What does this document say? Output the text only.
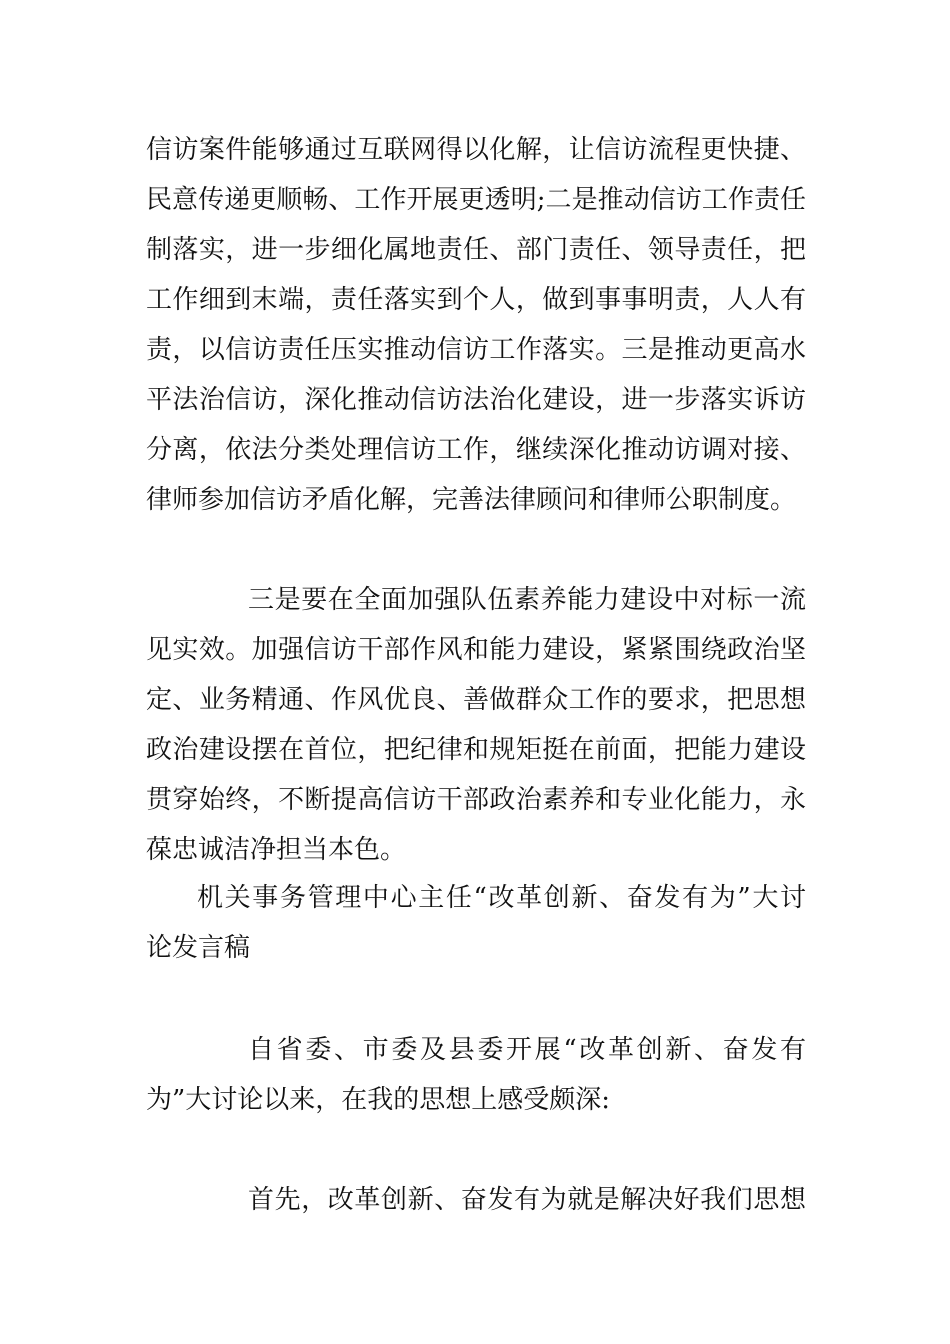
信访案件能够通过互联网得以化解，让信访流程更快捷、
民意传递更顺畅、工作开展更透明;二是推动信访工作责任
制落实，进一步细化属地责任、部门责任、领导责任，把
工作细到末端，责任落实到个人，做到事事明责，人人有
责，以信访责任压实推动信访工作落实。三是推动更高水
平法治信访，深化推动信访法治化建设，进一步落实诉访
分离，依法分类处理信访工作，继续深化推动访调对接、
律师参加信访矛盾化解，完善法律顾问和律师公职制度。
三是要在全面加强队伍素养能力建设中对标一流
见实效。加强信访干部作风和能力建设，紧紧围绕政治坚
定、业务精通、作风优良、善做群众工作的要求，把思想
政治建设摆在首位，把纪律和规矩挺在前面，把能力建设
贯穿始终，不断提高信访干部政治素养和专业化能力，永
葆忠诚洁净担当本色。
机关事务管理中心主任“改革创新、奋发有为”大讨
论发言稿
自省委、市委及县委开展“改革创新、奋发有
为”大讨论以来，在我的思想上感受颇深:
首先，改革创新、奋发有为就是解决好我们思想
